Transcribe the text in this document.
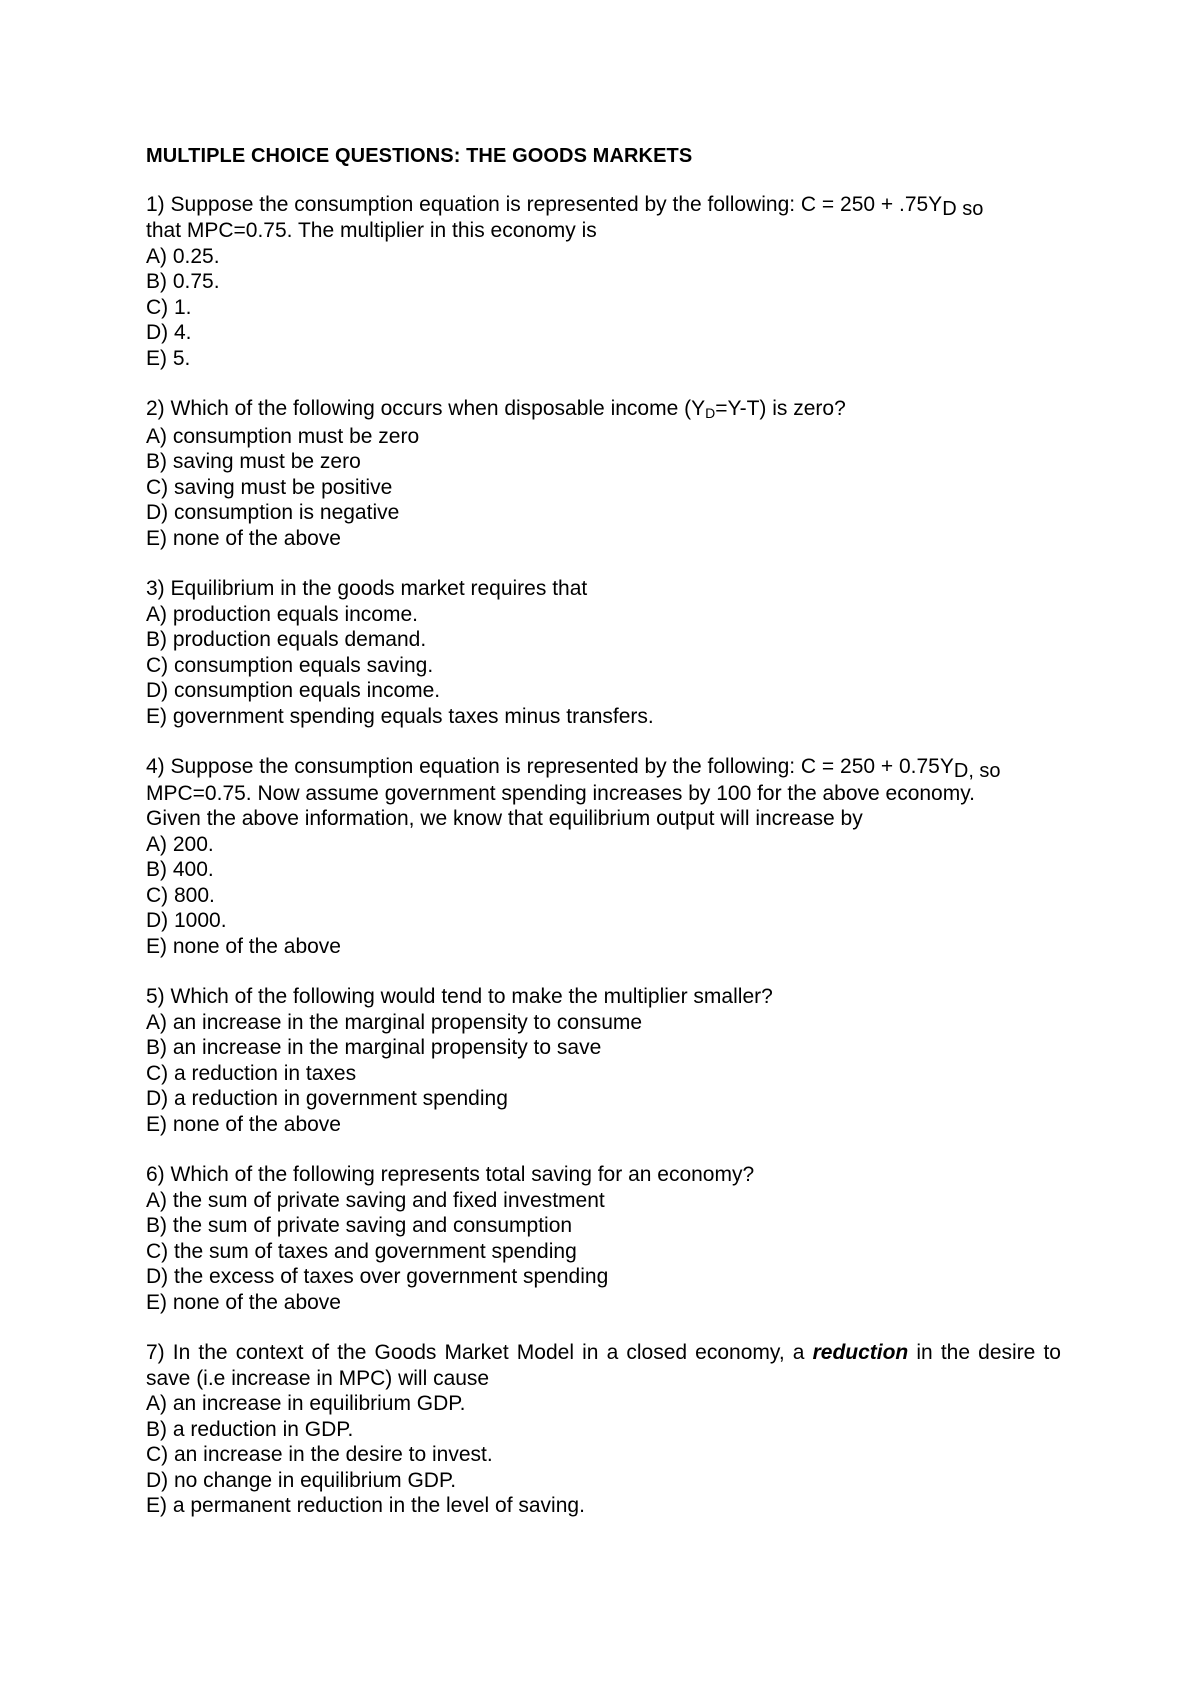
MULTIPLE CHOICE QUESTIONS: THE GOODS MARKETS

1) Suppose the consumption equation is represented by the following: C = 250 + .75YD so
that MPC=0.75. The multiplier in this economy is

A) 0.25.
B) 0.75.
C) 1.
D) 4.
E) 5.

2) Which of the following occurs when disposable income (YD=Y-T) is zero?

A) consumption must be zero
B) saving must be zero
C) saving must be positive
D) consumption is negative
E) none of the above

3) Equilibrium in the goods market requires that

A) production equals income.
B) production equals demand.
C) consumption equals saving.
D) consumption equals income.
E) government spending equals taxes minus transfers.

4) Suppose the consumption equation is represented by the following: C = 250 + 0.75YD, so
MPC=0.75. Now assume government spending increases by 100 for the above economy.
Given the above information, we know that equilibrium output will increase by

A) 200.
B) 400.
C) 800.
D) 1000.
E) none of the above

5) Which of the following would tend to make the multiplier smaller?

A) an increase in the marginal propensity to consume
B) an increase in the marginal propensity to save
C) a reduction in taxes
D) a reduction in government spending
E) none of the above

6) Which of the following represents total saving for an economy?

A) the sum of private saving and fixed investment
B) the sum of private saving and consumption
C) the sum of taxes and government spending
D) the excess of taxes over government spending
E) none of the above

7) In the context of the Goods Market Model in a closed economy, a reduction in the desire to save (i.e increase in MPC) will cause

A) an increase in equilibrium GDP.
B) a reduction in GDP.
C) an increase in the desire to invest.
D) no change in equilibrium GDP.
E) a permanent reduction in the level of saving.
